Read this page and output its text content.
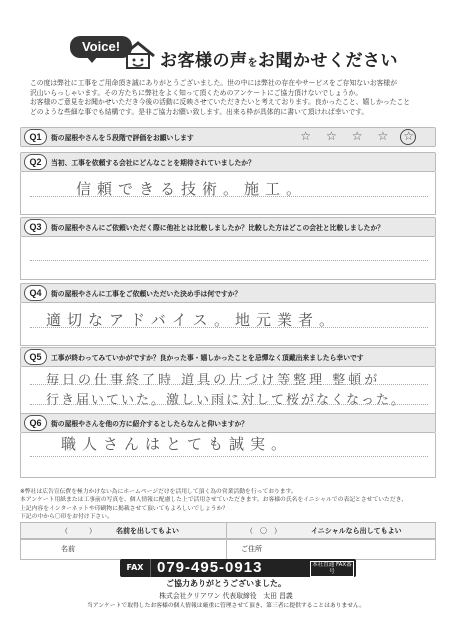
Voice!
お客様の声をお聞かせください
この度は弊社に工事をご用命頂き誠にありがとうございました。世の中には弊社の存在やサービスをご存知ないお客様が
沢山いらっしゃいます。その方たちに弊社をよく知って頂くためのアンケートにご協力頂けないでしょうか。
お客様のご意見をお聞かせいただき今後の活動に反映させていただきたいと考えております。良かったこと、嬉しかったこと
どのような些細な事でも結構です。是非ご協力お願い致します。出来る枠が具体的に書いて頂ければ幸いです。
Q1	街の屋根やさんを５段階で評価をお願いします	☆☆☆☆☆
Q2	当初、工事を依頼する会社にどんなことを期待されていましたか？
信頼できる技術。施工。
Q3	街の屋根やさんにご依頼いただく際に他社とは比較しましたか？比較した方はどこの会社と比較しましたか？
Q4	街の屋根やさんに工事をご依頼いただいた決め手は何ですか？
適切なアドバイス。地元業者。
Q5	工事が終わってみていかがですか？良かった事・嬉しかったことを忌憚なく頂戴出来ましたら幸いです
毎日の仕事終了時 道具の片づけ等整理 整頓が
行き届いていた。激しい雨に対して桜がなくなった。
Q6	街の屋根やさんを他の方に紹介するとしたらなんと仰いますか？
職人さんはとても誠実。
※弊社は広告宣伝費を極力かけない為にホームページだけを活用して頂く為の営業活動を行っております。
本アンケート用紙または工事前の写真を、個人情報に配慮した上で活用させていただきます。お客様の氏名をイニシャルでの表記とさせていただき、
上記内容をインターネットや印刷物に掲載させて頂いてもよろしいでしょうか？
下記の中から〇印をお付け下さい。
（　　　）	名前を出してもよい	（　〇　）	イニシャルなら出してもよい
名前	ご住所
FAX 079-495-0913	本社直通 FAX番号
ご協力ありがとうございました。
株式会社クリアワン 代表取締役　太田 昌義
当アンケートで取得したお客様の個人情報は厳重に管理させて頂き、第三者に提供することはありません。
